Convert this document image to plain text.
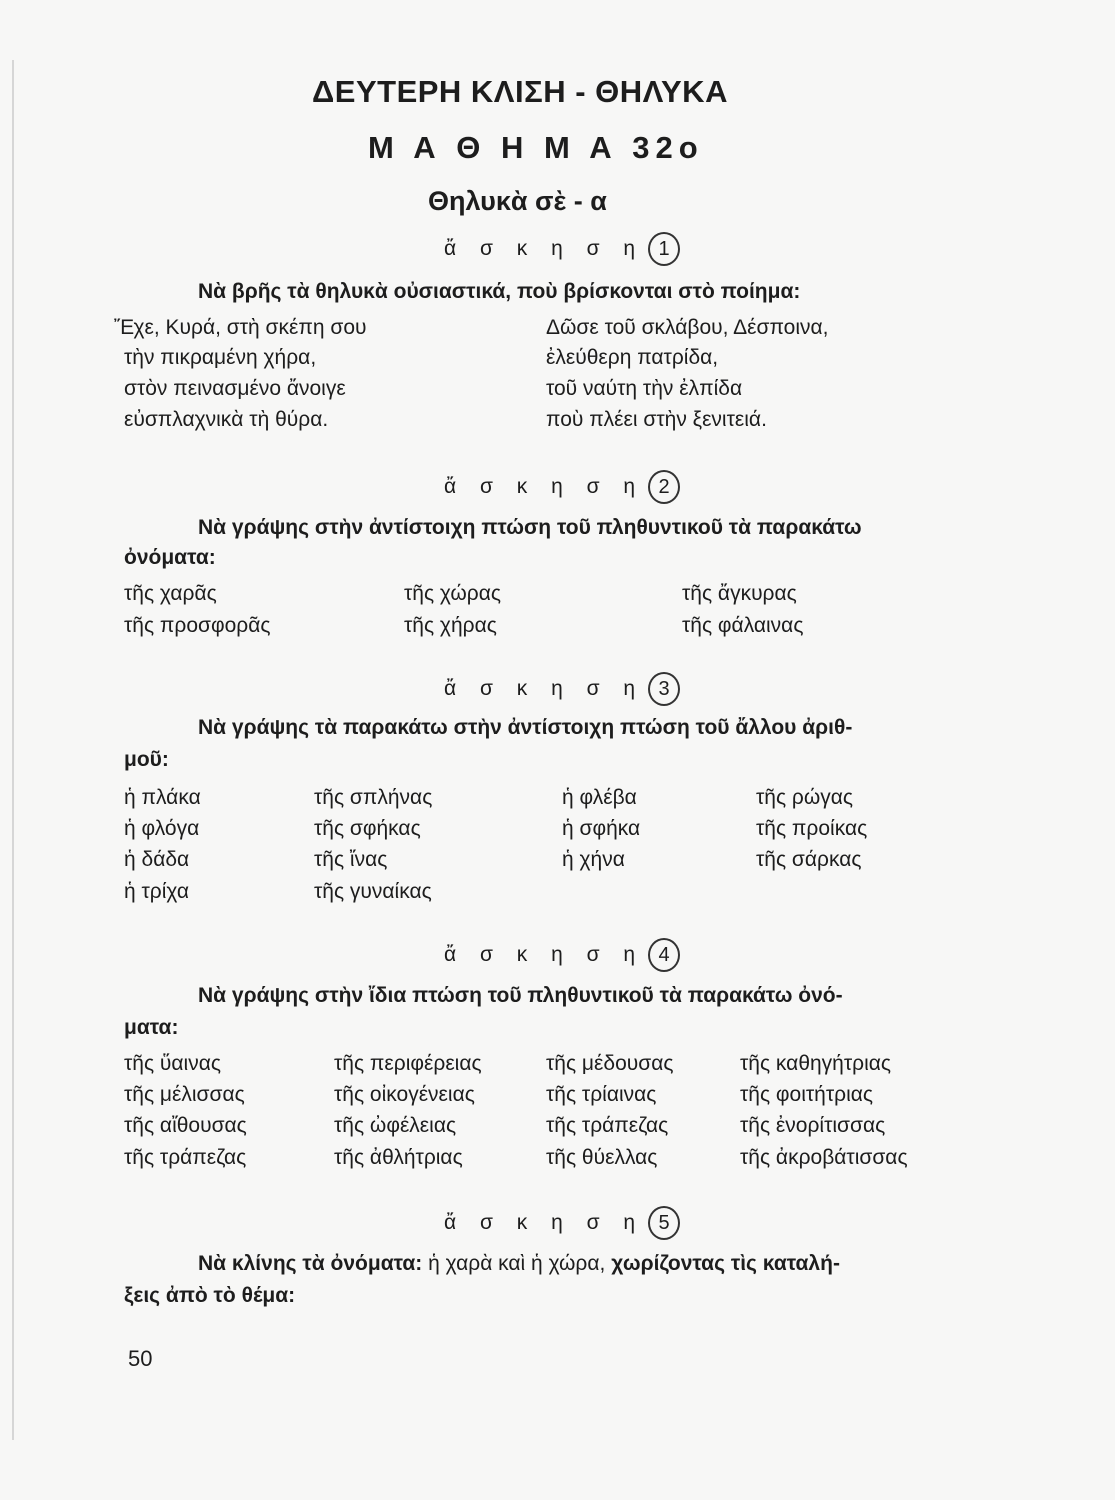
ΔΕΥΤΕΡΗ ΚΛΙΣΗ - ΘΗΛΥΚΑ
Μ Α Θ Η Μ Α 32ο
Θηλυκὰ σὲ - α
ἄ σ κ η σ η 1
Νὰ βρῆς τὰ θηλυκὰ οὐσιαστικά, ποὺ βρίσκονται στὸ ποίημα:
Ἔχε, Κυρά, στὴ σκέπη σου
τὴν πικραμένη χήρα,
στὸν πεινασμένο ἄνοιγε
εὐσπλαχνικὰ τὴ θύρα.
Δῶσε τοῦ σκλάβου, Δέσποινα,
ἐλεύθερη πατρίδα,
τοῦ ναύτη τὴν ἐλπίδα
ποὺ πλέει στὴν ξενιτειά.
ἄ σ κ η σ η 2
Νὰ γράψης στὴν ἀντίστοιχη πτώση τοῦ πληθυντικοῦ τὰ παρακάτω
ὀνόματα:
τῆς χαρᾶς
τῆς προσφορᾶς
τῆς χώρας
τῆς χήρας
τῆς ἄγκυρας
τῆς φάλαινας
ἄ σ κ η σ η 3
Νὰ γράψης τὰ παρακάτω στὴν ἀντίστοιχη πτώση τοῦ ἄλλου ἀριθ-
μοῦ:
ἡ πλάκα
ἡ φλόγα
ἡ δάδα
ἡ τρίχα
τῆς σπλήνας
τῆς σφήκας
τῆς ἴνας
τῆς γυναίκας
ἡ φλέβα
ἡ σφήκα
ἡ χήνα
τῆς ρώγας
τῆς προίκας
τῆς σάρκας
ἄ σ κ η σ η 4
Νὰ γράψης στὴν ἴδια πτώση τοῦ πληθυντικοῦ τὰ παρακάτω ὀνό-
ματα:
τῆς ὕαινας
τῆς μέλισσας
τῆς αἴθουσας
τῆς τράπεζας
τῆς περιφέρειας
τῆς οἰκογένειας
τῆς ὠφέλειας
τῆς ἀθλήτριας
τῆς μέδουσας
τῆς τρίαινας
τῆς τράπεζας
τῆς θύελλας
τῆς καθηγήτριας
τῆς φοιτήτριας
τῆς ἐνορίτισσας
τῆς ἀκροβάτισσας
ἄ σ κ η σ η 5
Νὰ κλίνης τὰ ὀνόματα: ἡ χαρὰ καὶ ἡ χώρα, χωρίζοντας τὶς καταλή-
ξεις ἀπὸ τὸ θέμα:
50
